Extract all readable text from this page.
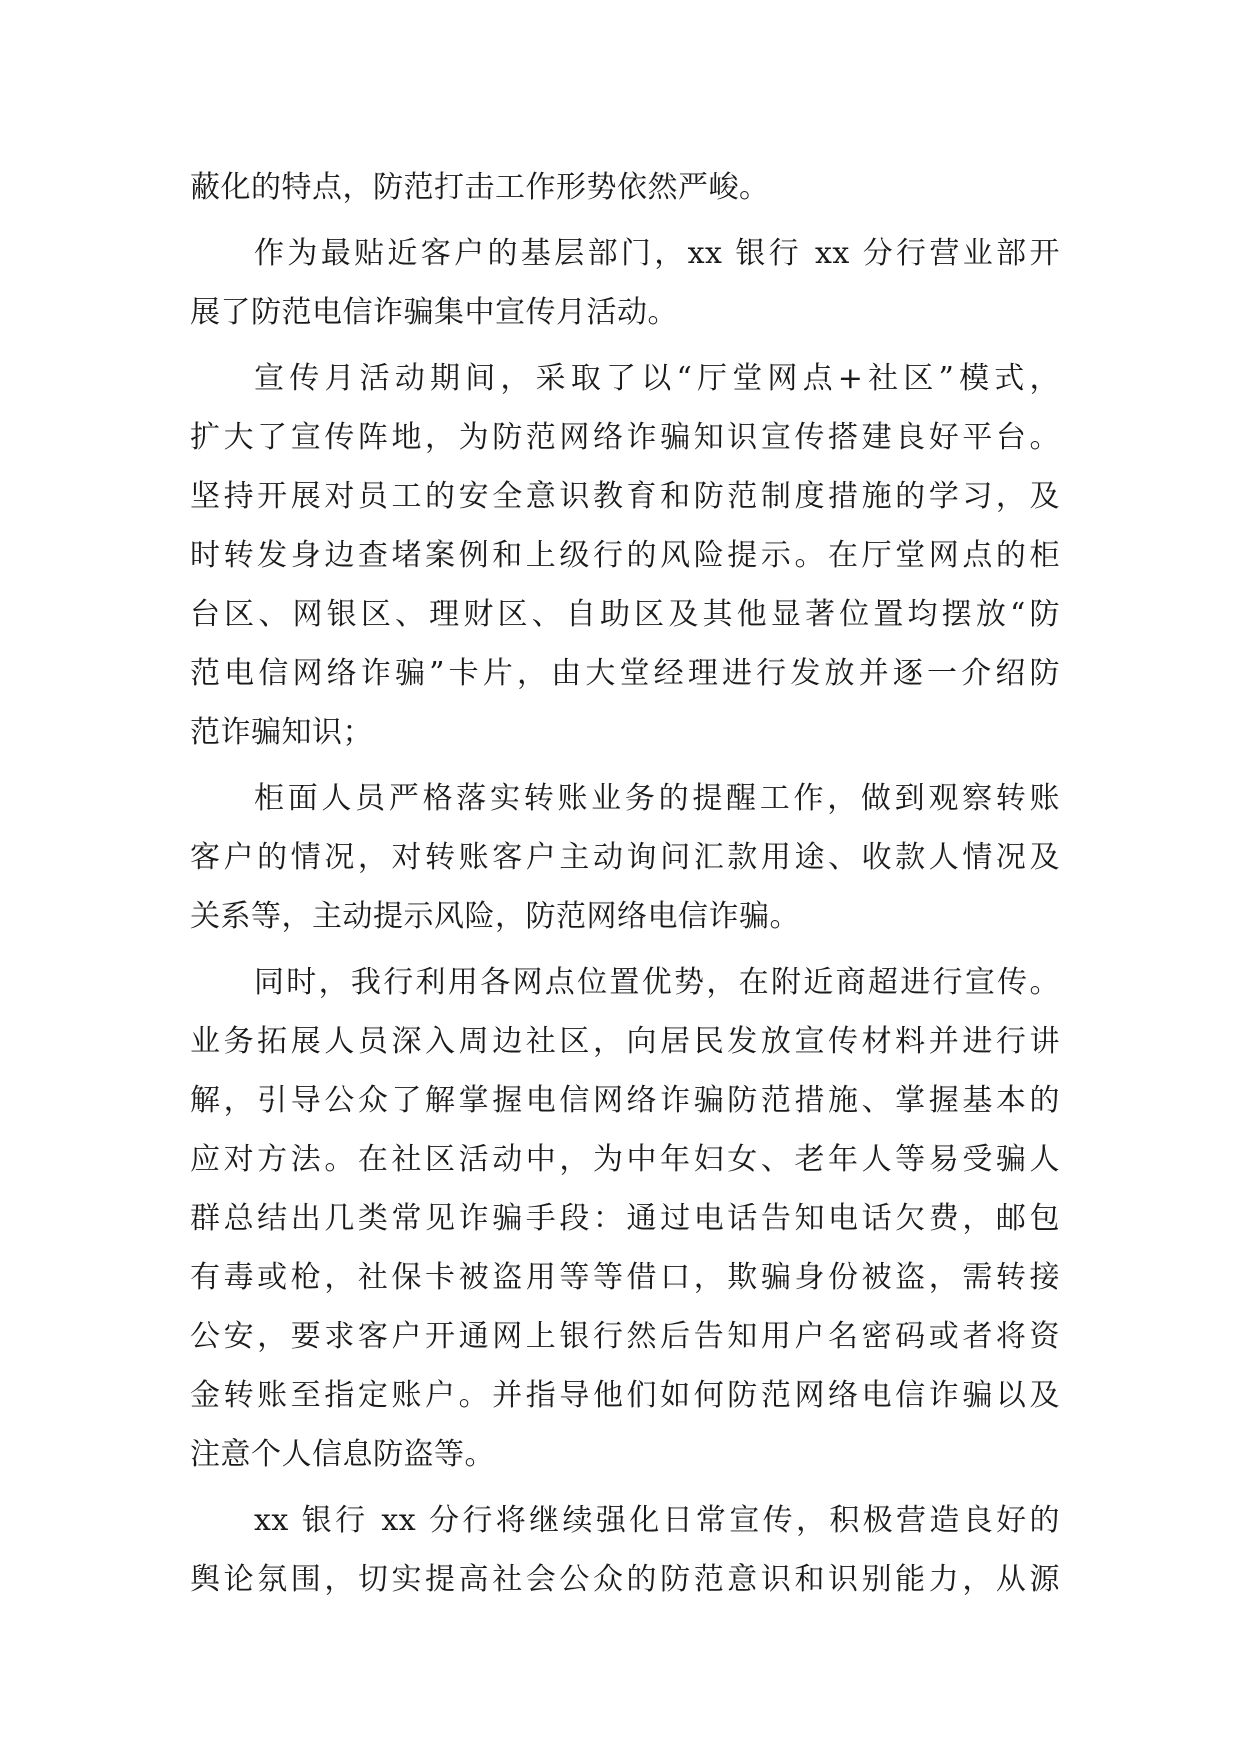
蔽化的特点，防范打击工作形势依然严峻。
作为最贴近客户的基层部门，xx 银行 xx 分行营业部开
展了防范电信诈骗集中宣传月活动。
宣传月活动期间，采取了以“厅堂网点+社区”模式，
扩大了宣传阵地，为防范网络诈骗知识宣传搭建良好平台。
坚持开展对员工的安全意识教育和防范制度措施的学习，及
时转发身边查堵案例和上级行的风险提示。在厅堂网点的柜
台区、网银区、理财区、自助区及其他显著位置均摆放“防
范电信网络诈骗”卡片，由大堂经理进行发放并逐一介绍防
范诈骗知识；
柜面人员严格落实转账业务的提醒工作，做到观察转账
客户的情况，对转账客户主动询问汇款用途、收款人情况及
关系等，主动提示风险，防范网络电信诈骗。
同时，我行利用各网点位置优势，在附近商超进行宣传。
业务拓展人员深入周边社区，向居民发放宣传材料并进行讲
解，引导公众了解掌握电信网络诈骗防范措施、掌握基本的
应对方法。在社区活动中，为中年妇女、老年人等易受骗人
群总结出几类常见诈骗手段：通过电话告知电话欠费，邮包
有毒或枪，社保卡被盗用等等借口，欺骗身份被盗，需转接
公安，要求客户开通网上银行然后告知用户名密码或者将资
金转账至指定账户。并指导他们如何防范网络电信诈骗以及
注意个人信息防盗等。
xx 银行 xx 分行将继续强化日常宣传，积极营造良好的
舆论氛围，切实提高社会公众的防范意识和识别能力，从源
